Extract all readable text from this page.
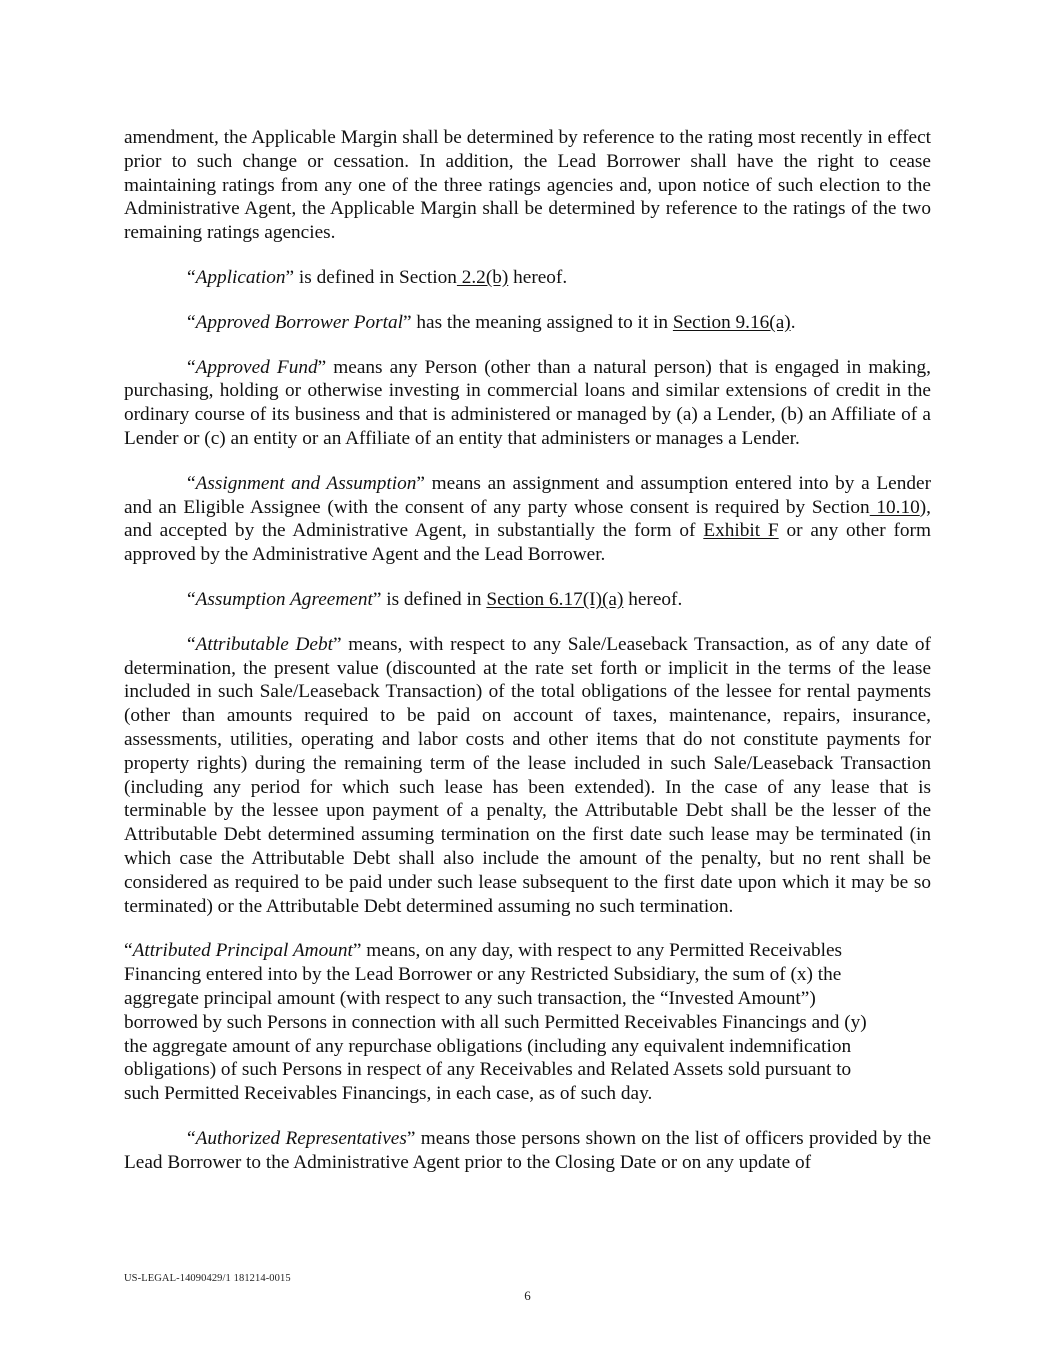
amendment, the Applicable Margin shall be determined by reference to the rating most recently in effect prior to such change or cessation. In addition, the Lead Borrower shall have the right to cease maintaining ratings from any one of the three ratings agencies and, upon notice of such election to the Administrative Agent, the Applicable Margin shall be determined by reference to the ratings of the two remaining ratings agencies.

“Application” is defined in Section 2.2(b) hereof.

“Approved Borrower Portal” has the meaning assigned to it in Section 9.16(a).

“Approved Fund” means any Person (other than a natural person) that is engaged in making, purchasing, holding or otherwise investing in commercial loans and similar extensions of credit in the ordinary course of its business and that is administered or managed by (a) a Lender, (b) an Affiliate of a Lender or (c) an entity or an Affiliate of an entity that administers or manages a Lender.

“Assignment and Assumption” means an assignment and assumption entered into by a Lender and an Eligible Assignee (with the consent of any party whose consent is required by Section 10.10), and accepted by the Administrative Agent, in substantially the form of Exhibit F or any other form approved by the Administrative Agent and the Lead Borrower.

“Assumption Agreement” is defined in Section 6.17(I)(a) hereof.

“Attributable Debt” means, with respect to any Sale/Leaseback Transaction, as of any date of determination, the present value (discounted at the rate set forth or implicit in the terms of the lease included in such Sale/Leaseback Transaction) of the total obligations of the lessee for rental payments (other than amounts required to be paid on account of taxes, maintenance, repairs, insurance, assessments, utilities, operating and labor costs and other items that do not constitute payments for property rights) during the remaining term of the lease included in such Sale/Leaseback Transaction (including any period for which such lease has been extended). In the case of any lease that is terminable by the lessee upon payment of a penalty, the Attributable Debt shall be the lesser of the Attributable Debt determined assuming termination on the first date such lease may be terminated (in which case the Attributable Debt shall also include the amount of the penalty, but no rent shall be considered as required to be paid under such lease subsequent to the first date upon which it may be so terminated) or the Attributable Debt determined assuming no such termination.

“Attributed Principal Amount” means, on any day, with respect to any Permitted Receivables
Financing entered into by the Lead Borrower or any Restricted Subsidiary, the sum of (x) the
aggregate principal amount (with respect to any such transaction, the “Invested Amount”)
borrowed by such Persons in connection with all such Permitted Receivables Financings and (y)
the aggregate amount of any repurchase obligations (including any equivalent indemnification
obligations) of such Persons in respect of any Receivables and Related Assets sold pursuant to
such Permitted Receivables Financings, in each case, as of such day.

“Authorized Representatives” means those persons shown on the list of officers provided by the Lead Borrower to the Administrative Agent prior to the Closing Date or on any update of

US-LEGAL-14090429/1 181214-0015
6
